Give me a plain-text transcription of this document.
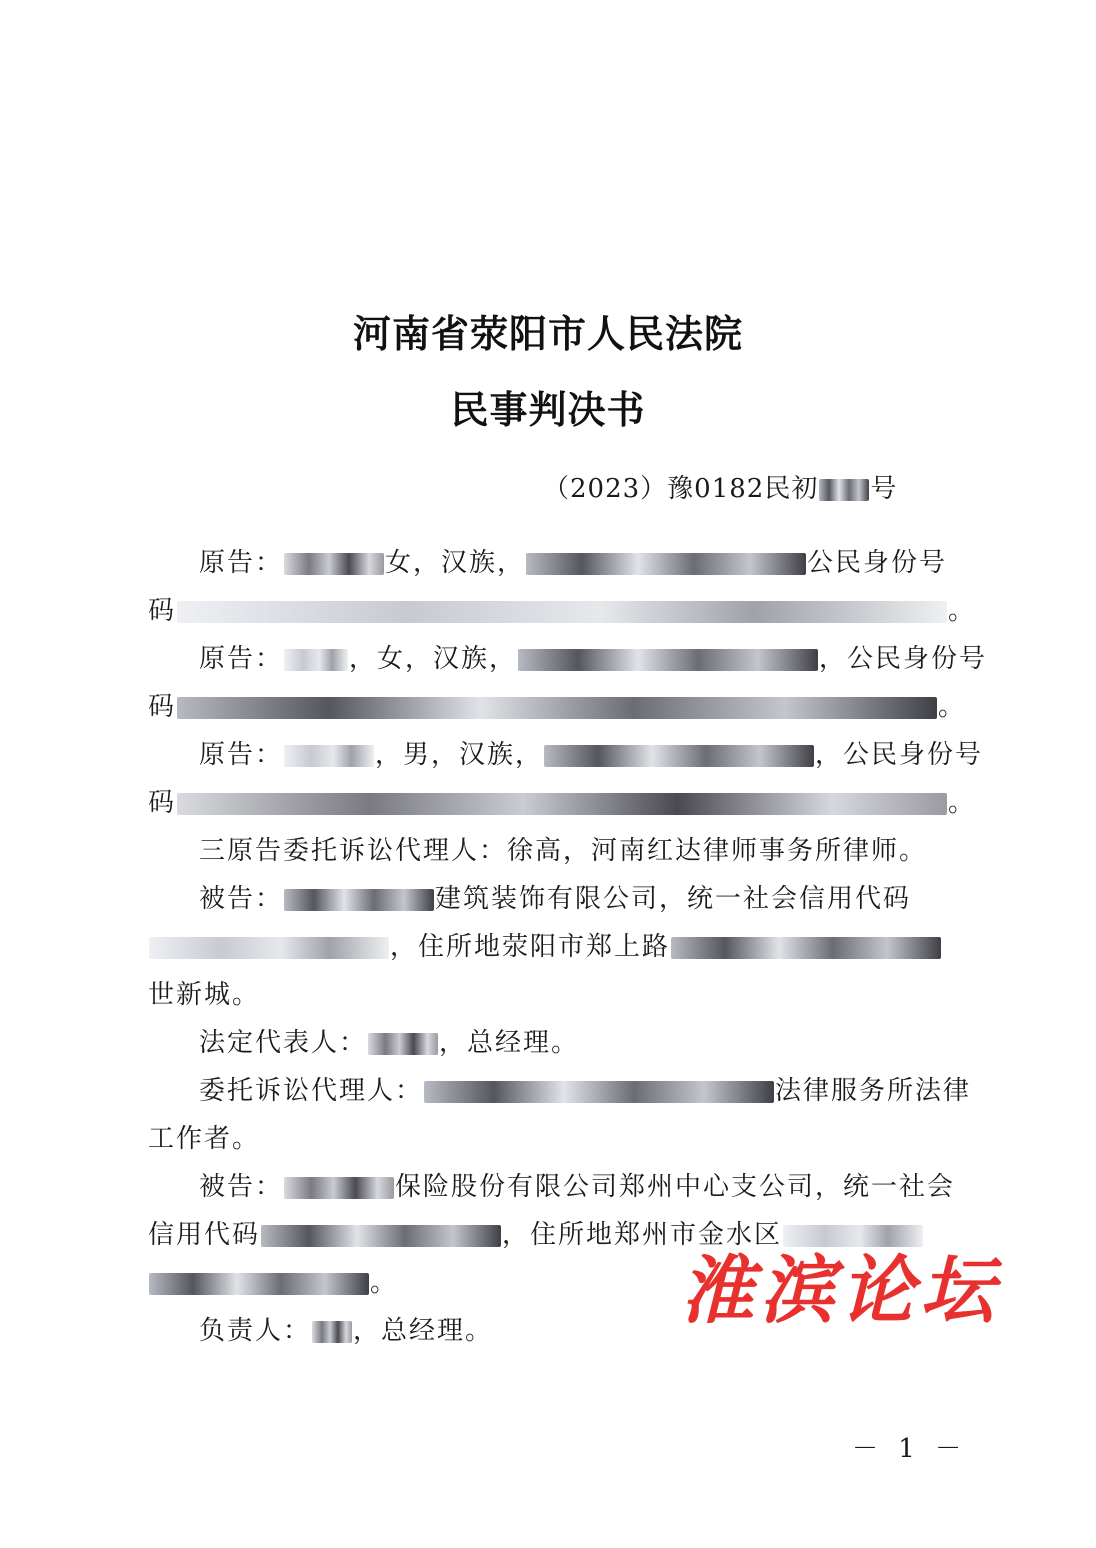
河南省荥阳市人民法院
民事判决书
（2023）豫0182民初 号
原告：	女，汉族，	公民身份号
码	。
原告：	，女，汉族，	，公民身份号
码	。
原告：	，男，汉族，	，公民身份号
码	。
三原告委托诉讼代理人：徐高，河南红达律师事务所律师。
被告：	建筑装饰有限公司，统一社会信用代码
，住所地荥阳市郑上路
世新城。
法定代表人：	，总经理。
委托诉讼代理人：	法律服务所法律
工作者。
被告：	保险股份有限公司郑州中心支公司，统一社会
信用代码	，住所地郑州市金水区
。
负责人： ，总经理。	淮滨论坛
－ 1 －
